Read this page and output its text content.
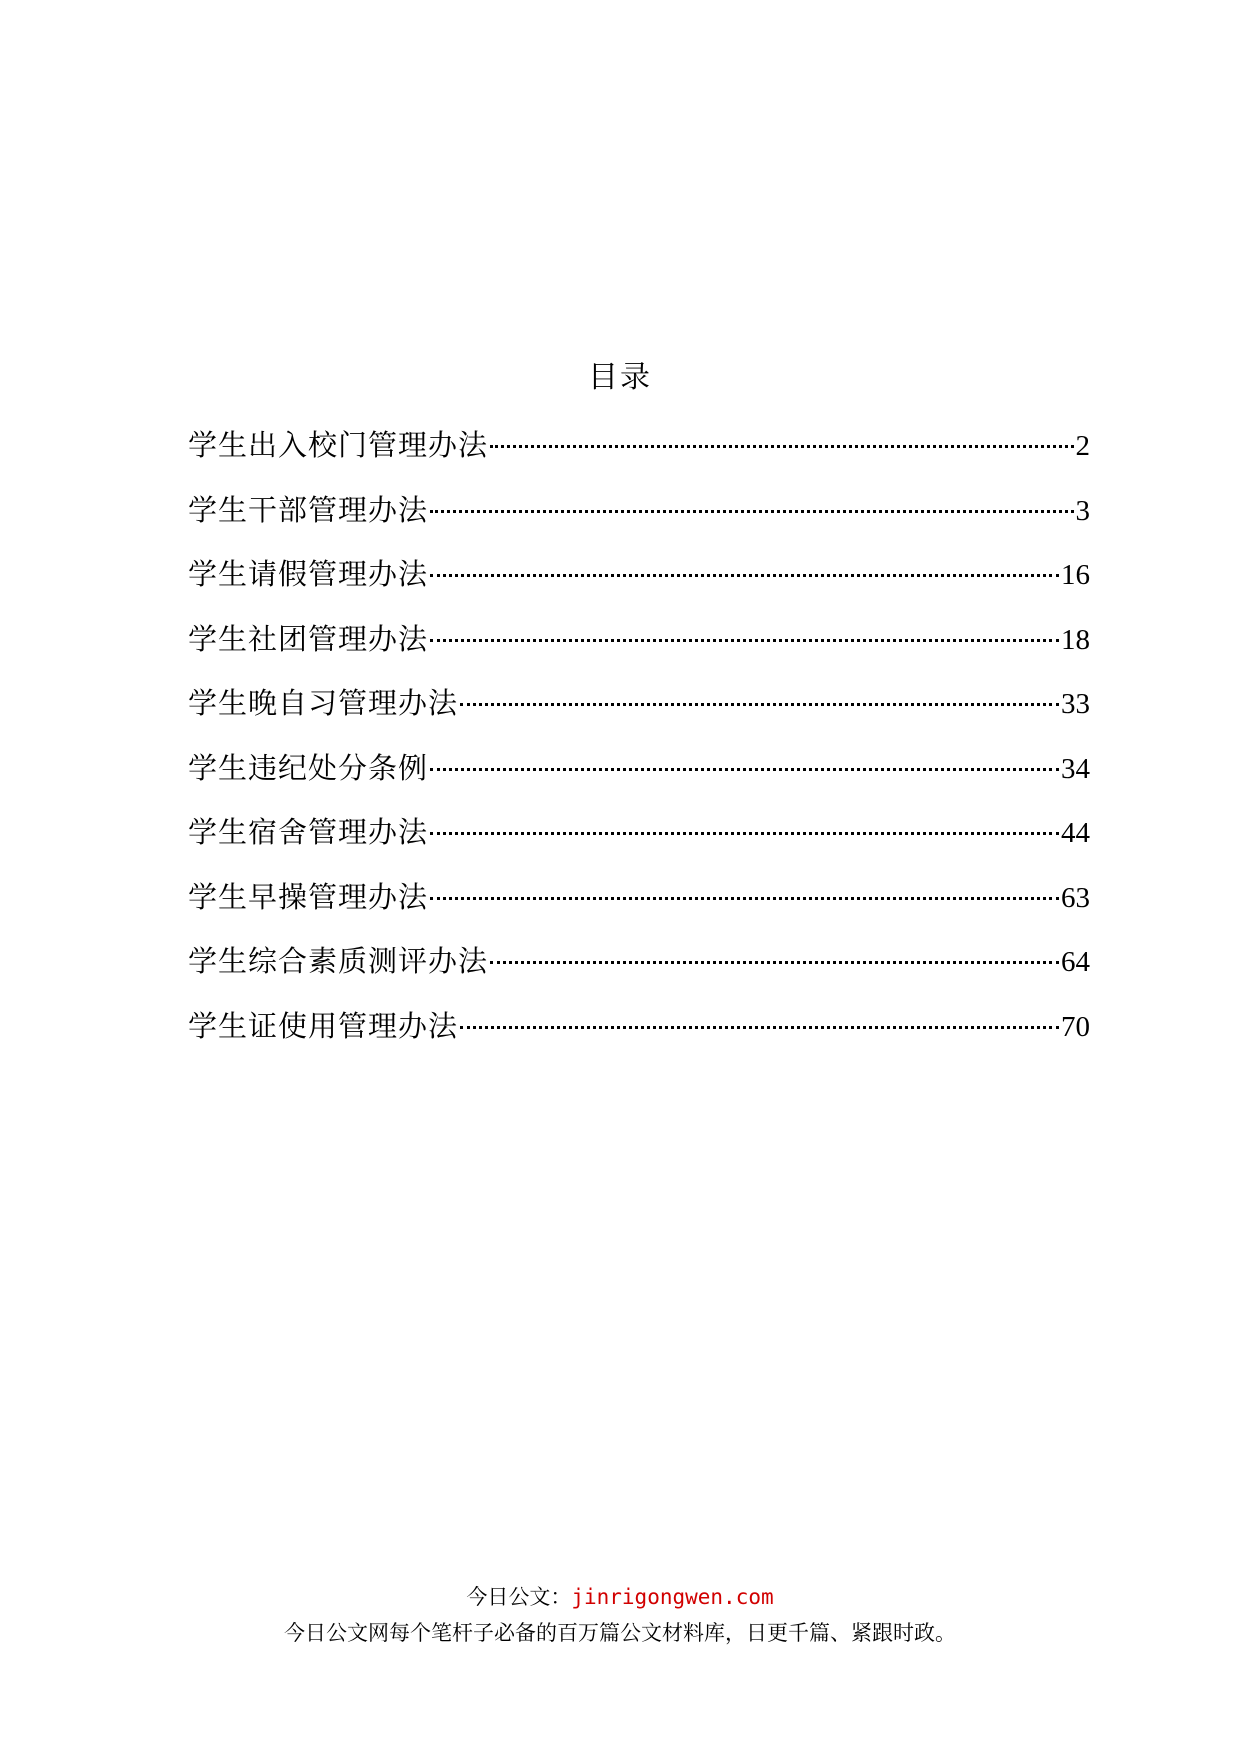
目录
学生出入校门管理办法	2
学生干部管理办法	3
学生请假管理办法	16
学生社团管理办法	18
学生晚自习管理办法	33
学生违纪处分条例	34
学生宿舍管理办法	44
学生早操管理办法	63
学生综合素质测评办法	64
学生证使用管理办法	70
今日公文：jinrigongwen.com
今日公文网每个笔杆子必备的百万篇公文材料库，日更千篇、紧跟时政。
